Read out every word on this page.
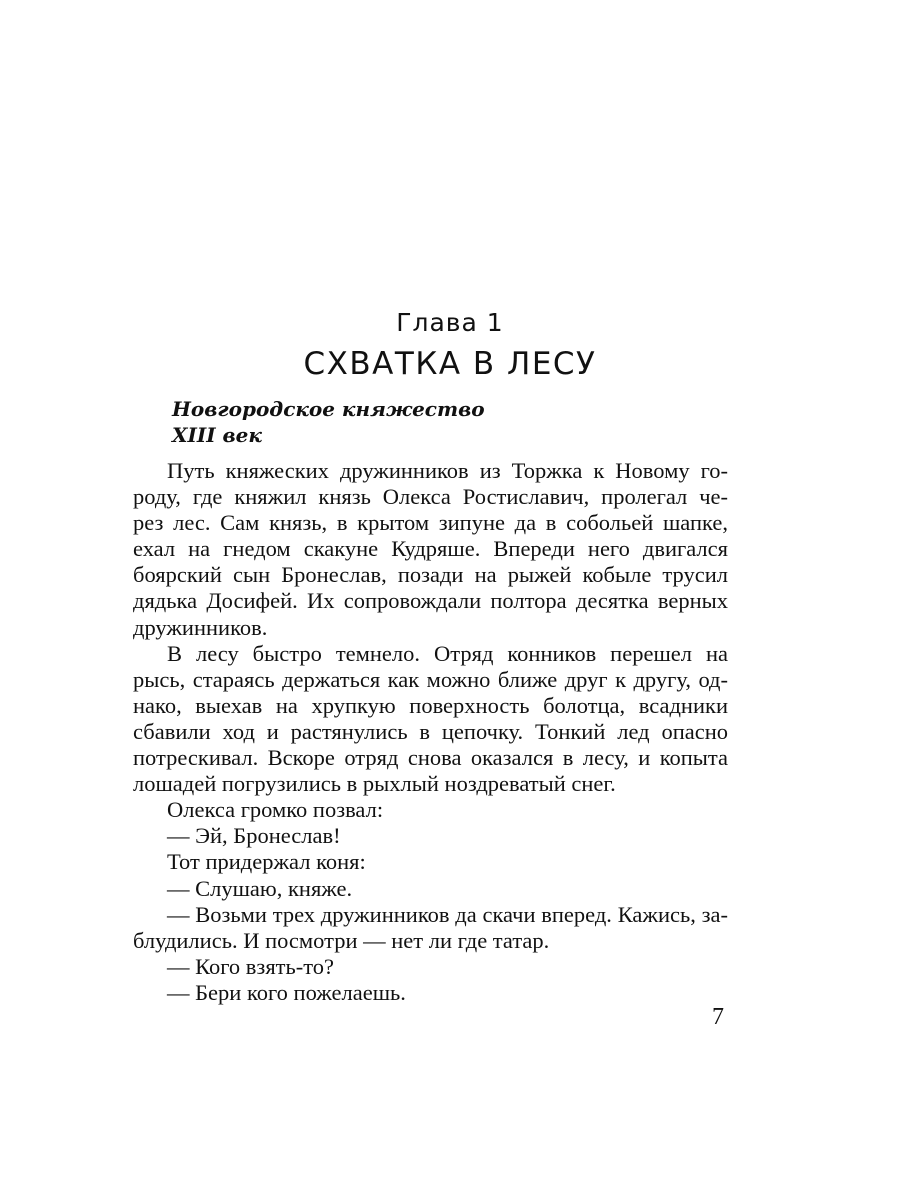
Глава 1
СХВАТКА В ЛЕСУ
Новгородское княжество
XIII век
Путь княжеских дружинников из Торжка к Новому го-
роду, где княжил князь Олекса Ростиславич, пролегал че-
рез лес. Сам князь, в крытом зипуне да в собольей шапке,
ехал на гнедом скакуне Кудряше. Впереди него двигался
боярский сын Бронеслав, позади на рыжей кобыле трусил
дядька Досифей. Их сопровождали полтора десятка верных
дружинников.
В лесу быстро темнело. Отряд конников перешел на
рысь, стараясь держаться как можно ближе друг к другу, од-
нако, выехав на хрупкую поверхность болотца, всадники
сбавили ход и растянулись в цепочку. Тонкий лед опасно
потрескивал. Вскоре отряд снова оказался в лесу, и копыта
лошадей погрузились в рыхлый ноздреватый снег.
Олекса громко позвал:
— Эй, Бронеслав!
Тот придержал коня:
— Слушаю, княже.
— Возьми трех дружинников да скачи вперед. Кажись, за-
блудились. И посмотри — нет ли где татар.
— Кого взять-то?
— Бери кого пожелаешь.
7
